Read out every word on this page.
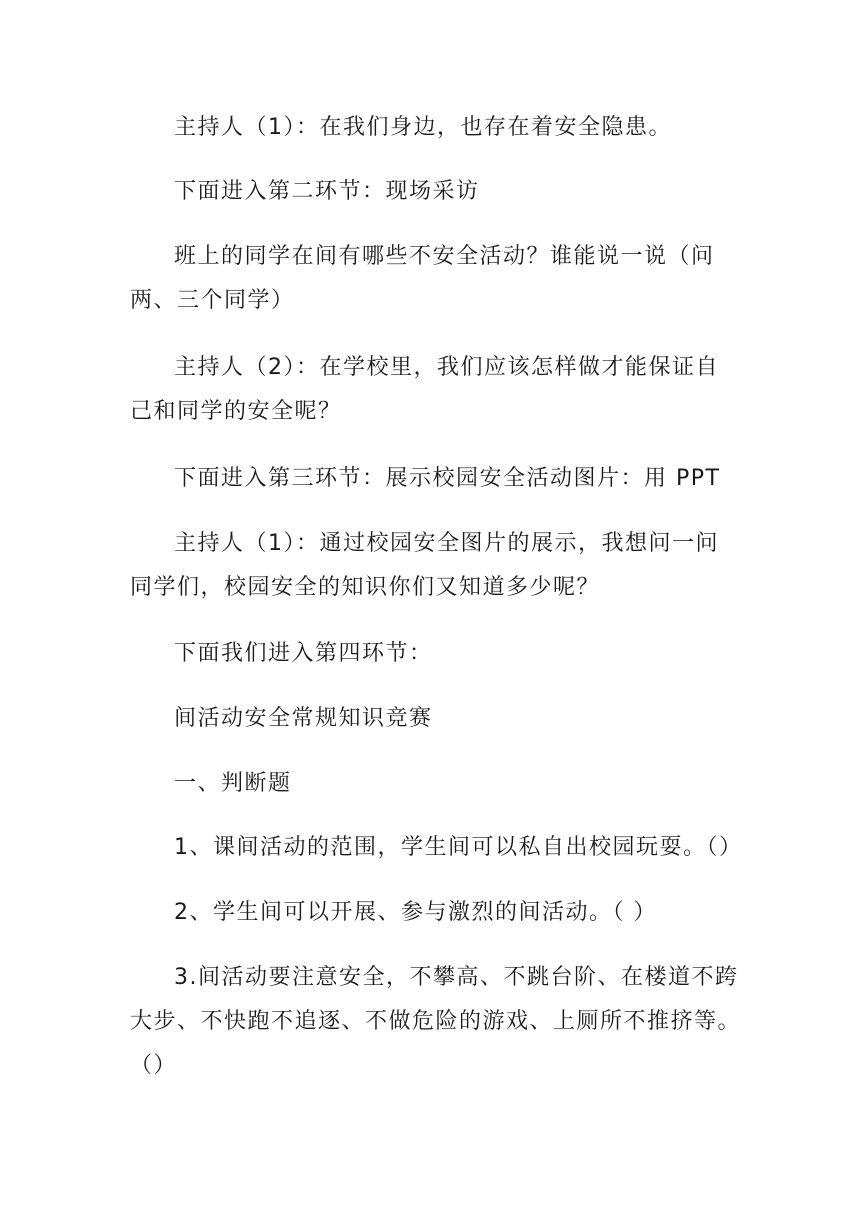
主持人（1）：在我们身边，也存在着安全隐患。

下面进入第二环节：现场采访

班上的同学在间有哪些不安全活动？谁能说一说（问
两、三个同学）

主持人（2）：在学校里，我们应该怎样做才能保证自
己和同学的安全呢？

下面进入第三环节：展示校园安全活动图片：用 PPT

主持人（1）：通过校园安全图片的展示，我想问一问
同学们，校园安全的知识你们又知道多少呢？

下面我们进入第四环节：

间活动安全常规知识竞赛

一、判断题

1、课间活动的范围，学生间可以私自出校园玩耍。（）

2、学生间可以开展、参与激烈的间活动。（ ）

3.间活动要注意安全，不攀高、不跳台阶、在楼道不跨
大步、不快跑不追逐、不做危险的游戏、上厕所不推挤等。
（）
